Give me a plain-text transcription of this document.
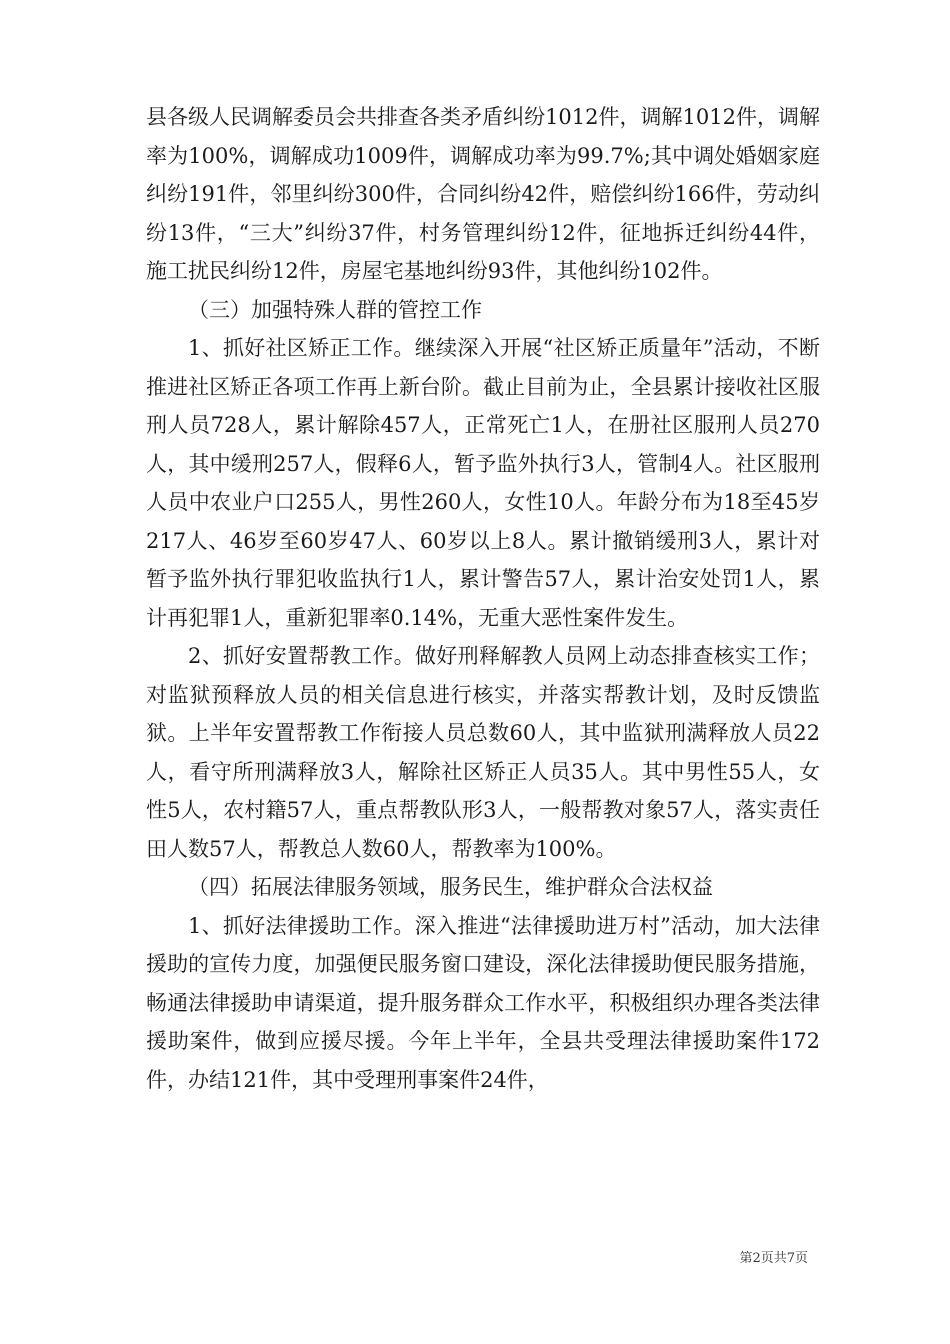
县各级人民调解委员会共排查各类矛盾纠纷1012件，调解1012件，调解率为100%，调解成功1009件，调解成功率为99.7%;其中调处婚姻家庭纠纷191件，邻里纠纷300件，合同纠纷42件，赔偿纠纷166件，劳动纠纷13件，“三大”纠纷37件，村务管理纠纷12件，征地拆迁纠纷44件，施工扰民纠纷12件，房屋宅基地纠纷93件，其他纠纷102件。

（三）加强特殊人群的管控工作

1、抓好社区矫正工作。继续深入开展“社区矫正质量年”活动，不断推进社区矫正各项工作再上新台阶。截止目前为止，全县累计接收社区服刑人员728人，累计解除457人，正常死亡1人，在册社区服刑人员270人，其中缓刑257人，假释6人，暂予监外执行3人，管制4人。社区服刑人员中农业户口255人，男性260人，女性10人。年龄分布为18至45岁217人、46岁至60岁47人、60岁以上8人。累计撤销缓刑3人，累计对暂予监外执行罪犯收监执行1人，累计警告57人，累计治安处罚1人，累计再犯罪1人，重新犯罪率0.14%，无重大恶性案件发生。

2、抓好安置帮教工作。做好刑释解教人员网上动态排查核实工作；对监狱预释放人员的相关信息进行核实，并落实帮教计划，及时反馈监狱。上半年安置帮教工作衔接人员总数60人，其中监狱刑满释放人员22人，看守所刑满释放3人，解除社区矫正人员35人。其中男性55人，女性5人，农村籍57人，重点帮教队形3人，一般帮教对象57人，落实责任田人数57人，帮教总人数60人，帮教率为100%。

（四）拓展法律服务领域，服务民生，维护群众合法权益

1、抓好法律援助工作。深入推进“法律援助进万村”活动，加大法律援助的宣传力度，加强便民服务窗口建设，深化法律援助便民服务措施，畅通法律援助申请渠道，提升服务群众工作水平，积极组织办理各类法律援助案件，做到应援尽援。今年上半年，全县共受理法律援助案件172件，办结121件，其中受理刑事案件24件，

第2页共7页
